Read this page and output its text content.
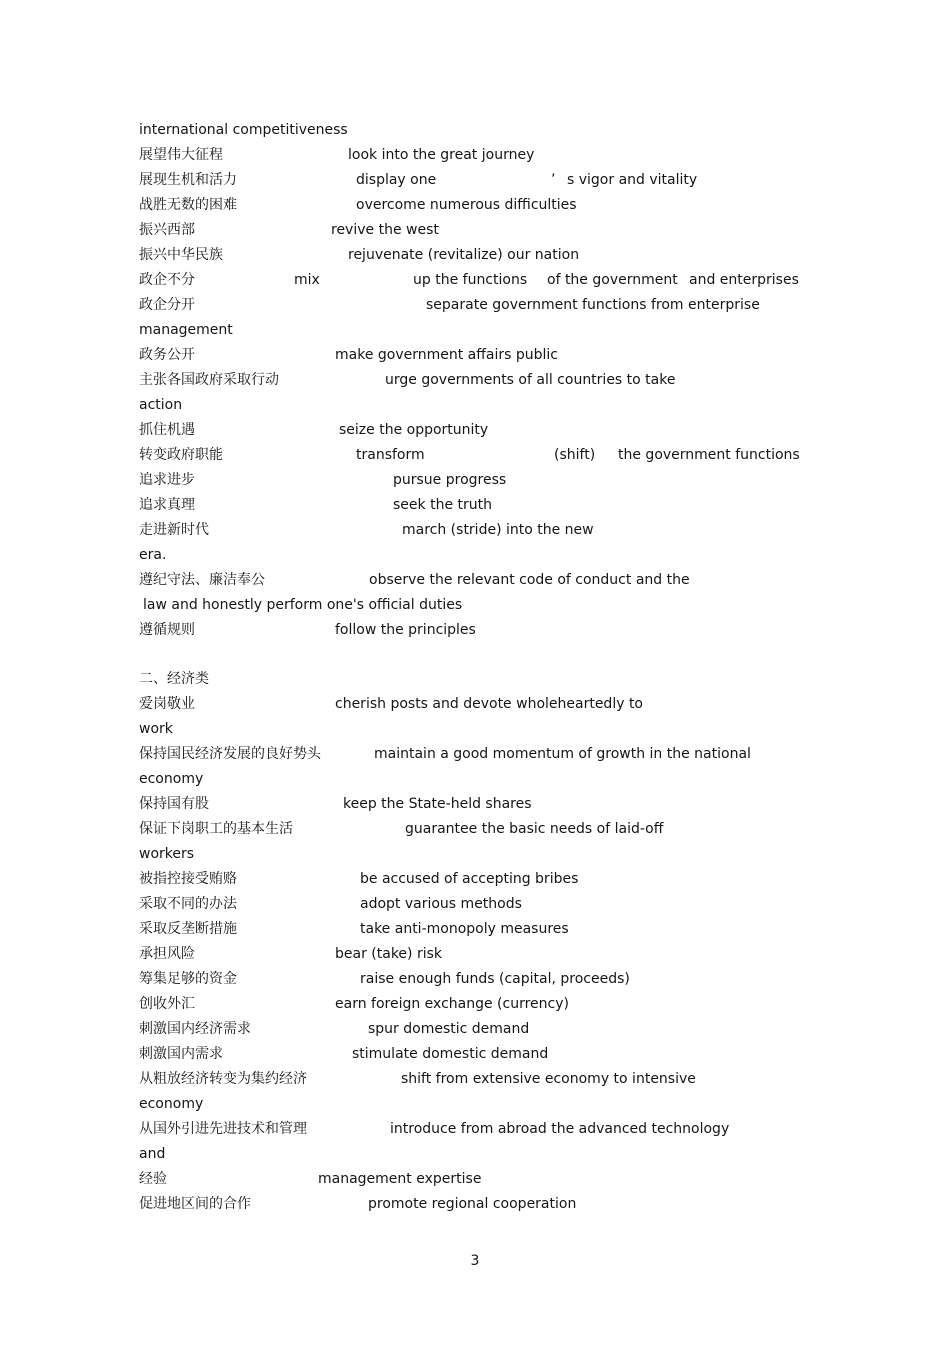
international competitiveness
展望伟大征程	look into the great journey
展现生机和活力	display one	’ s vigor and vitality
战胜无数的困难	overcome numerous difficulties
振兴西部	revive the west
振兴中华民族	rejuvenate (revitalize) our nation
政企不分	mix	up the functions of the government and enterprises
政企分开	separate government functions from enterprise
management
政务公开	make government affairs public
主张各国政府采取行动	urge governments of all countries to take
action
抓住机遇	seize the opportunity
转变政府职能	transform	(shift) the government functions
追求进步	pursue progress
追求真理	seek the truth
走进新时代	march (stride) into the new
era.
遵纪守法、廉洁奉公	observe the relevant code of conduct and the
law and honestly perform one's official duties
遵循规则	follow the principles
二、经济类
爱岗敬业	cherish posts and devote wholeheartedly to
work
保持国民经济发展的良好势头	maintain a good momentum of growth in the national
economy
保持国有股	keep the State-held shares
保证下岗职工的基本生活	guarantee the basic needs of laid-off
workers
被指控接受贿赂	be accused of accepting bribes
采取不同的办法	adopt various methods
采取反垄断措施	take anti-monopoly measures
承担风险	bear (take) risk
筹集足够的资金	raise enough funds (capital, proceeds)
创收外汇	earn foreign exchange (currency)
刺激国内经济需求	spur domestic demand
刺激国内需求	stimulate domestic demand
从粗放经济转变为集约经济	shift from extensive economy to intensive
economy
从国外引进先进技术和管理	introduce from abroad the advanced technology
and
经验	management expertise
促进地区间的合作	promote regional cooperation
3
